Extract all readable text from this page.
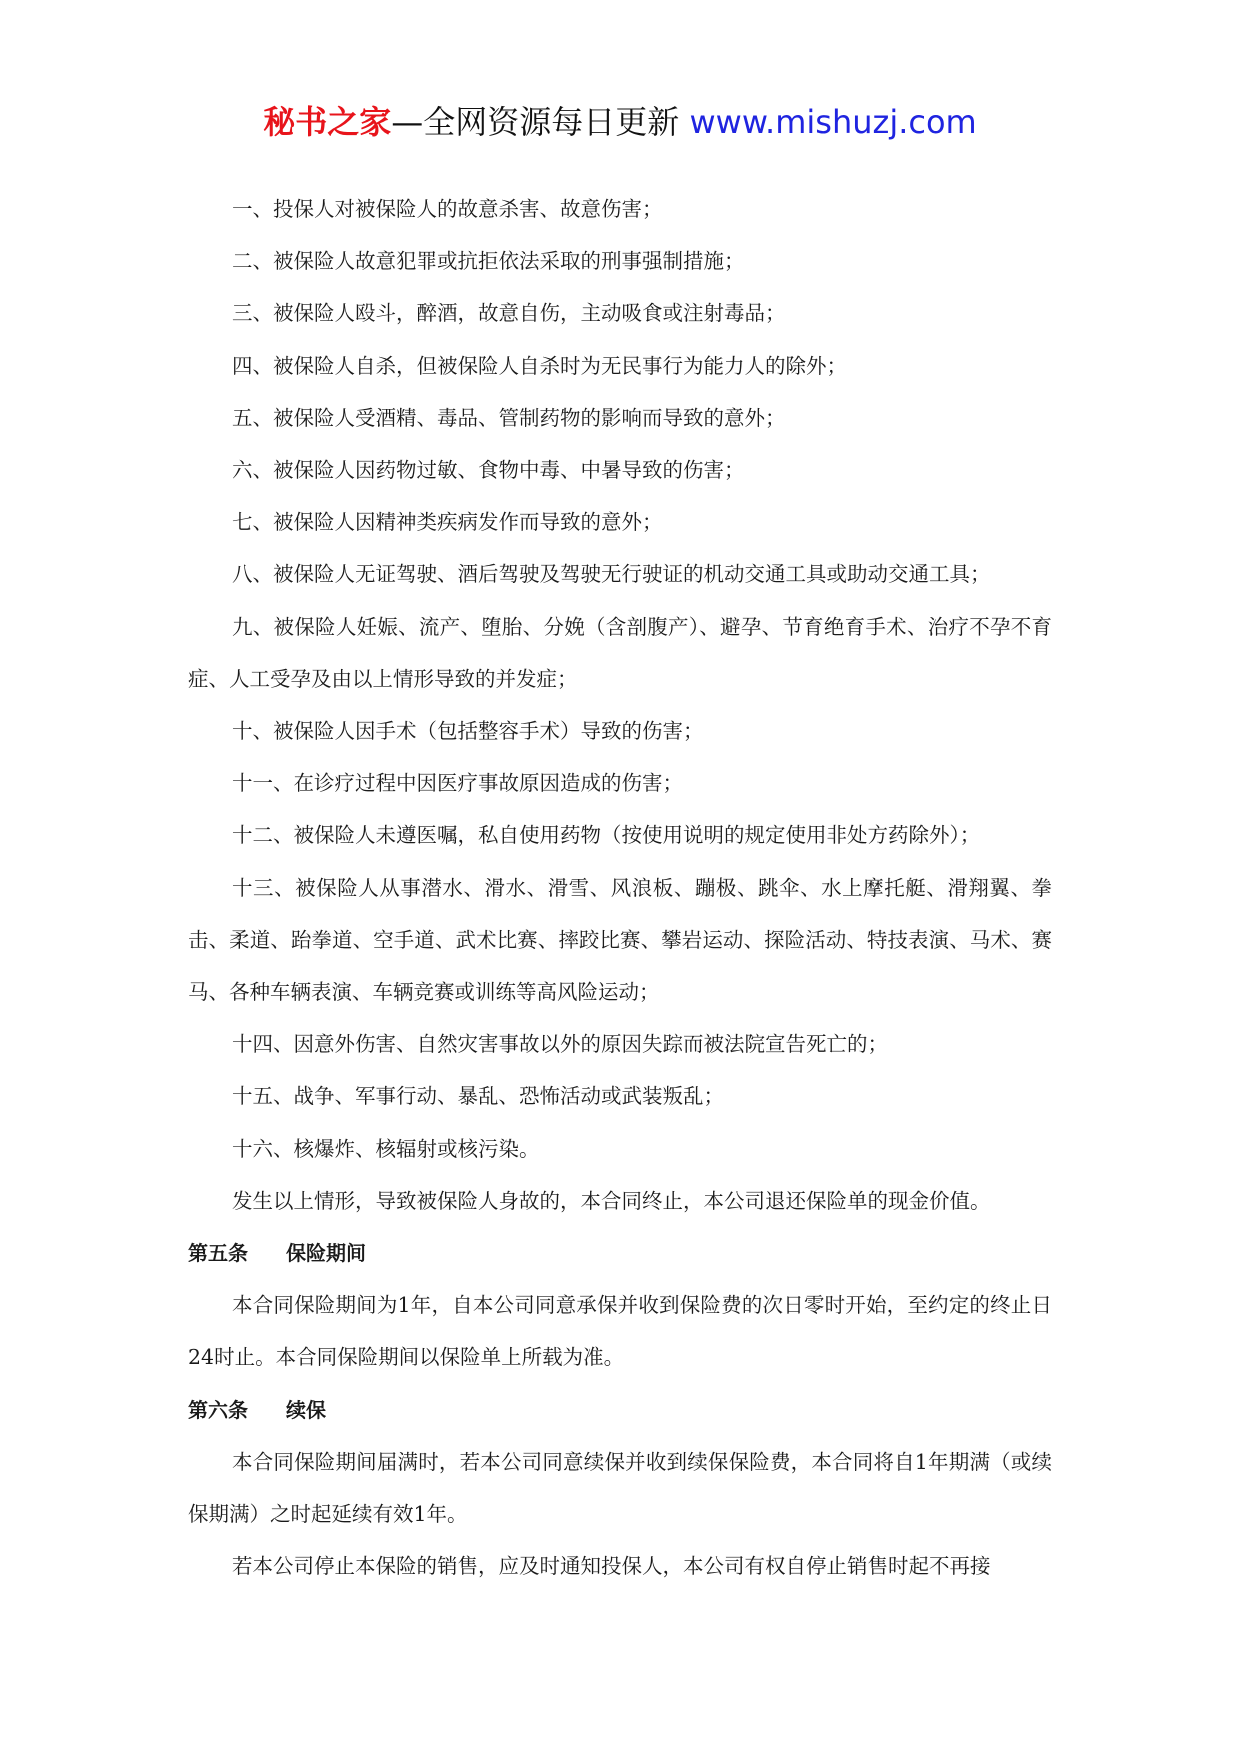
秘书之家—全网资源每日更新 www.mishuzj.com

一、投保人对被保险人的故意杀害、故意伤害；

二、被保险人故意犯罪或抗拒依法采取的刑事强制措施；

三、被保险人殴斗，醉酒，故意自伤，主动吸食或注射毒品；

四、被保险人自杀，但被保险人自杀时为无民事行为能力人的除外；

五、被保险人受酒精、毒品、管制药物的影响而导致的意外；

六、被保险人因药物过敏、食物中毒、中暑导致的伤害；

七、被保险人因精神类疾病发作而导致的意外；

八、被保险人无证驾驶、酒后驾驶及驾驶无行驶证的机动交通工具或助动交通工具；

九、被保险人妊娠、流产、堕胎、分娩（含剖腹产）、避孕、节育绝育手术、治疗不孕不育症、人工受孕及由以上情形导致的并发症；

十、被保险人因手术（包括整容手术）导致的伤害；

十一、在诊疗过程中因医疗事故原因造成的伤害；

十二、被保险人未遵医嘱，私自使用药物（按使用说明的规定使用非处方药除外）；

十三、被保险人从事潜水、滑水、滑雪、风浪板、蹦极、跳伞、水上摩托艇、滑翔翼、拳击、柔道、跆拳道、空手道、武术比赛、摔跤比赛、攀岩运动、探险活动、特技表演、马术、赛马、各种车辆表演、车辆竞赛或训练等高风险运动；

十四、因意外伤害、自然灾害事故以外的原因失踪而被法院宣告死亡的；

十五、战争、军事行动、暴乱、恐怖活动或武装叛乱；

十六、核爆炸、核辐射或核污染。

发生以上情形，导致被保险人身故的，本合同终止，本公司退还保险单的现金价值。

第五条 保险期间

本合同保险期间为1年，自本公司同意承保并收到保险费的次日零时开始，至约定的终止日24时止。本合同保险期间以保险单上所载为准。

第六条 续保

本合同保险期间届满时，若本公司同意续保并收到续保保险费，本合同将自1年期满（或续保期满）之时起延续有效1年。

若本公司停止本保险的销售，应及时通知投保人，本公司有权自停止销售时起不再接
